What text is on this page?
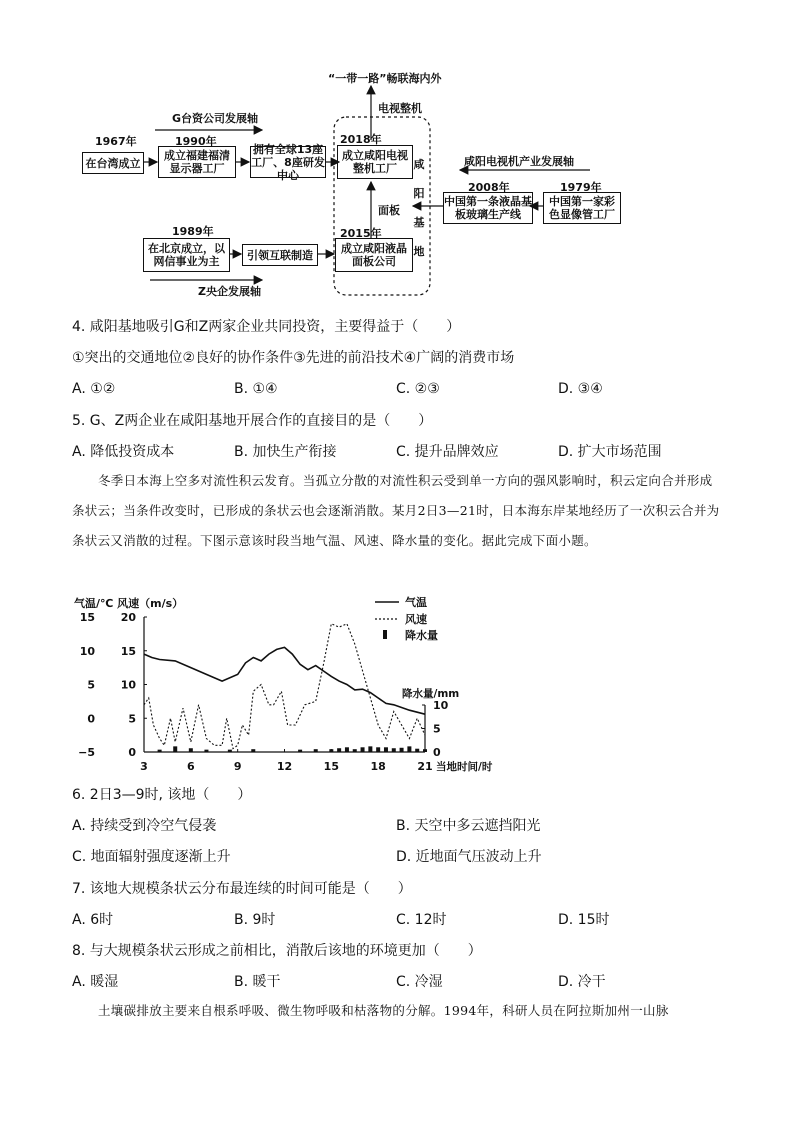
“一带一路”畅联海内外
电视整机
G台资公司发展轴
1967年	1990年	2018年
在台湾成立
成立福建福清显示器工厂
拥有全球13座工厂、8座研发中心
成立咸阳电视整机工厂	咸
阳
基
地
咸阳电视机产业发展轴
2008年	1979年
中国第一条液晶基板玻璃生产线
中国第一家彩色显像管工厂
面板
1989年	2015年
在北京成立，以网信事业为主	引领互联制造	成立咸阳液晶面板公司
Z央企发展轴
4. 咸阳基地吸引G和Z两家企业共同投资，主要得益于（　　）
①突出的交通地位②良好的协作条件③先进的前沿技术④广阔的消费市场
A. ①②	B. ①④	C. ②③	D. ③④
5. G、Z两企业在咸阳基地开展合作的直接目的是（　　）
A. 降低投资成本	B. 加快生产衔接	C. 提升品牌效应	D. 扩大市场范围
冬季日本海上空多对流性积云发育。当孤立分散的对流性积云受到单一方向的强风影响时，积云定向合并形成条状云；当条件改变时，已形成的条状云也会逐渐消散。某月2日3—21时，日本海东岸某地经历了一次积云合并为条状云又消散的过程。下图示意该时段当地气温、风速、降水量的变化。据此完成下面小题。
15 20
10 15
5 10
0	5
−5	0
3	6	9	12	15	18	21
10
5
0
气温/℃ 风速（m/s）
降水量/mm
当地时间/时
气温
风速
降水量
6. 2日3—9时, 该地（　　）
A. 持续受到冷空气侵袭	B. 天空中多云遮挡阳光
C. 地面辐射强度逐渐上升	D. 近地面气压波动上升
7. 该地大规模条状云分布最连续的时间可能是（　　）
A. 6时	B. 9时	C. 12时	D. 15时
8. 与大规模条状云形成之前相比，消散后该地的环境更加（　　）
A. 暖湿	B. 暖干	C. 冷湿	D. 冷干
土壤碳排放主要来自根系呼吸、微生物呼吸和枯落物的分解。1994年，科研人员在阿拉斯加州一山脉
